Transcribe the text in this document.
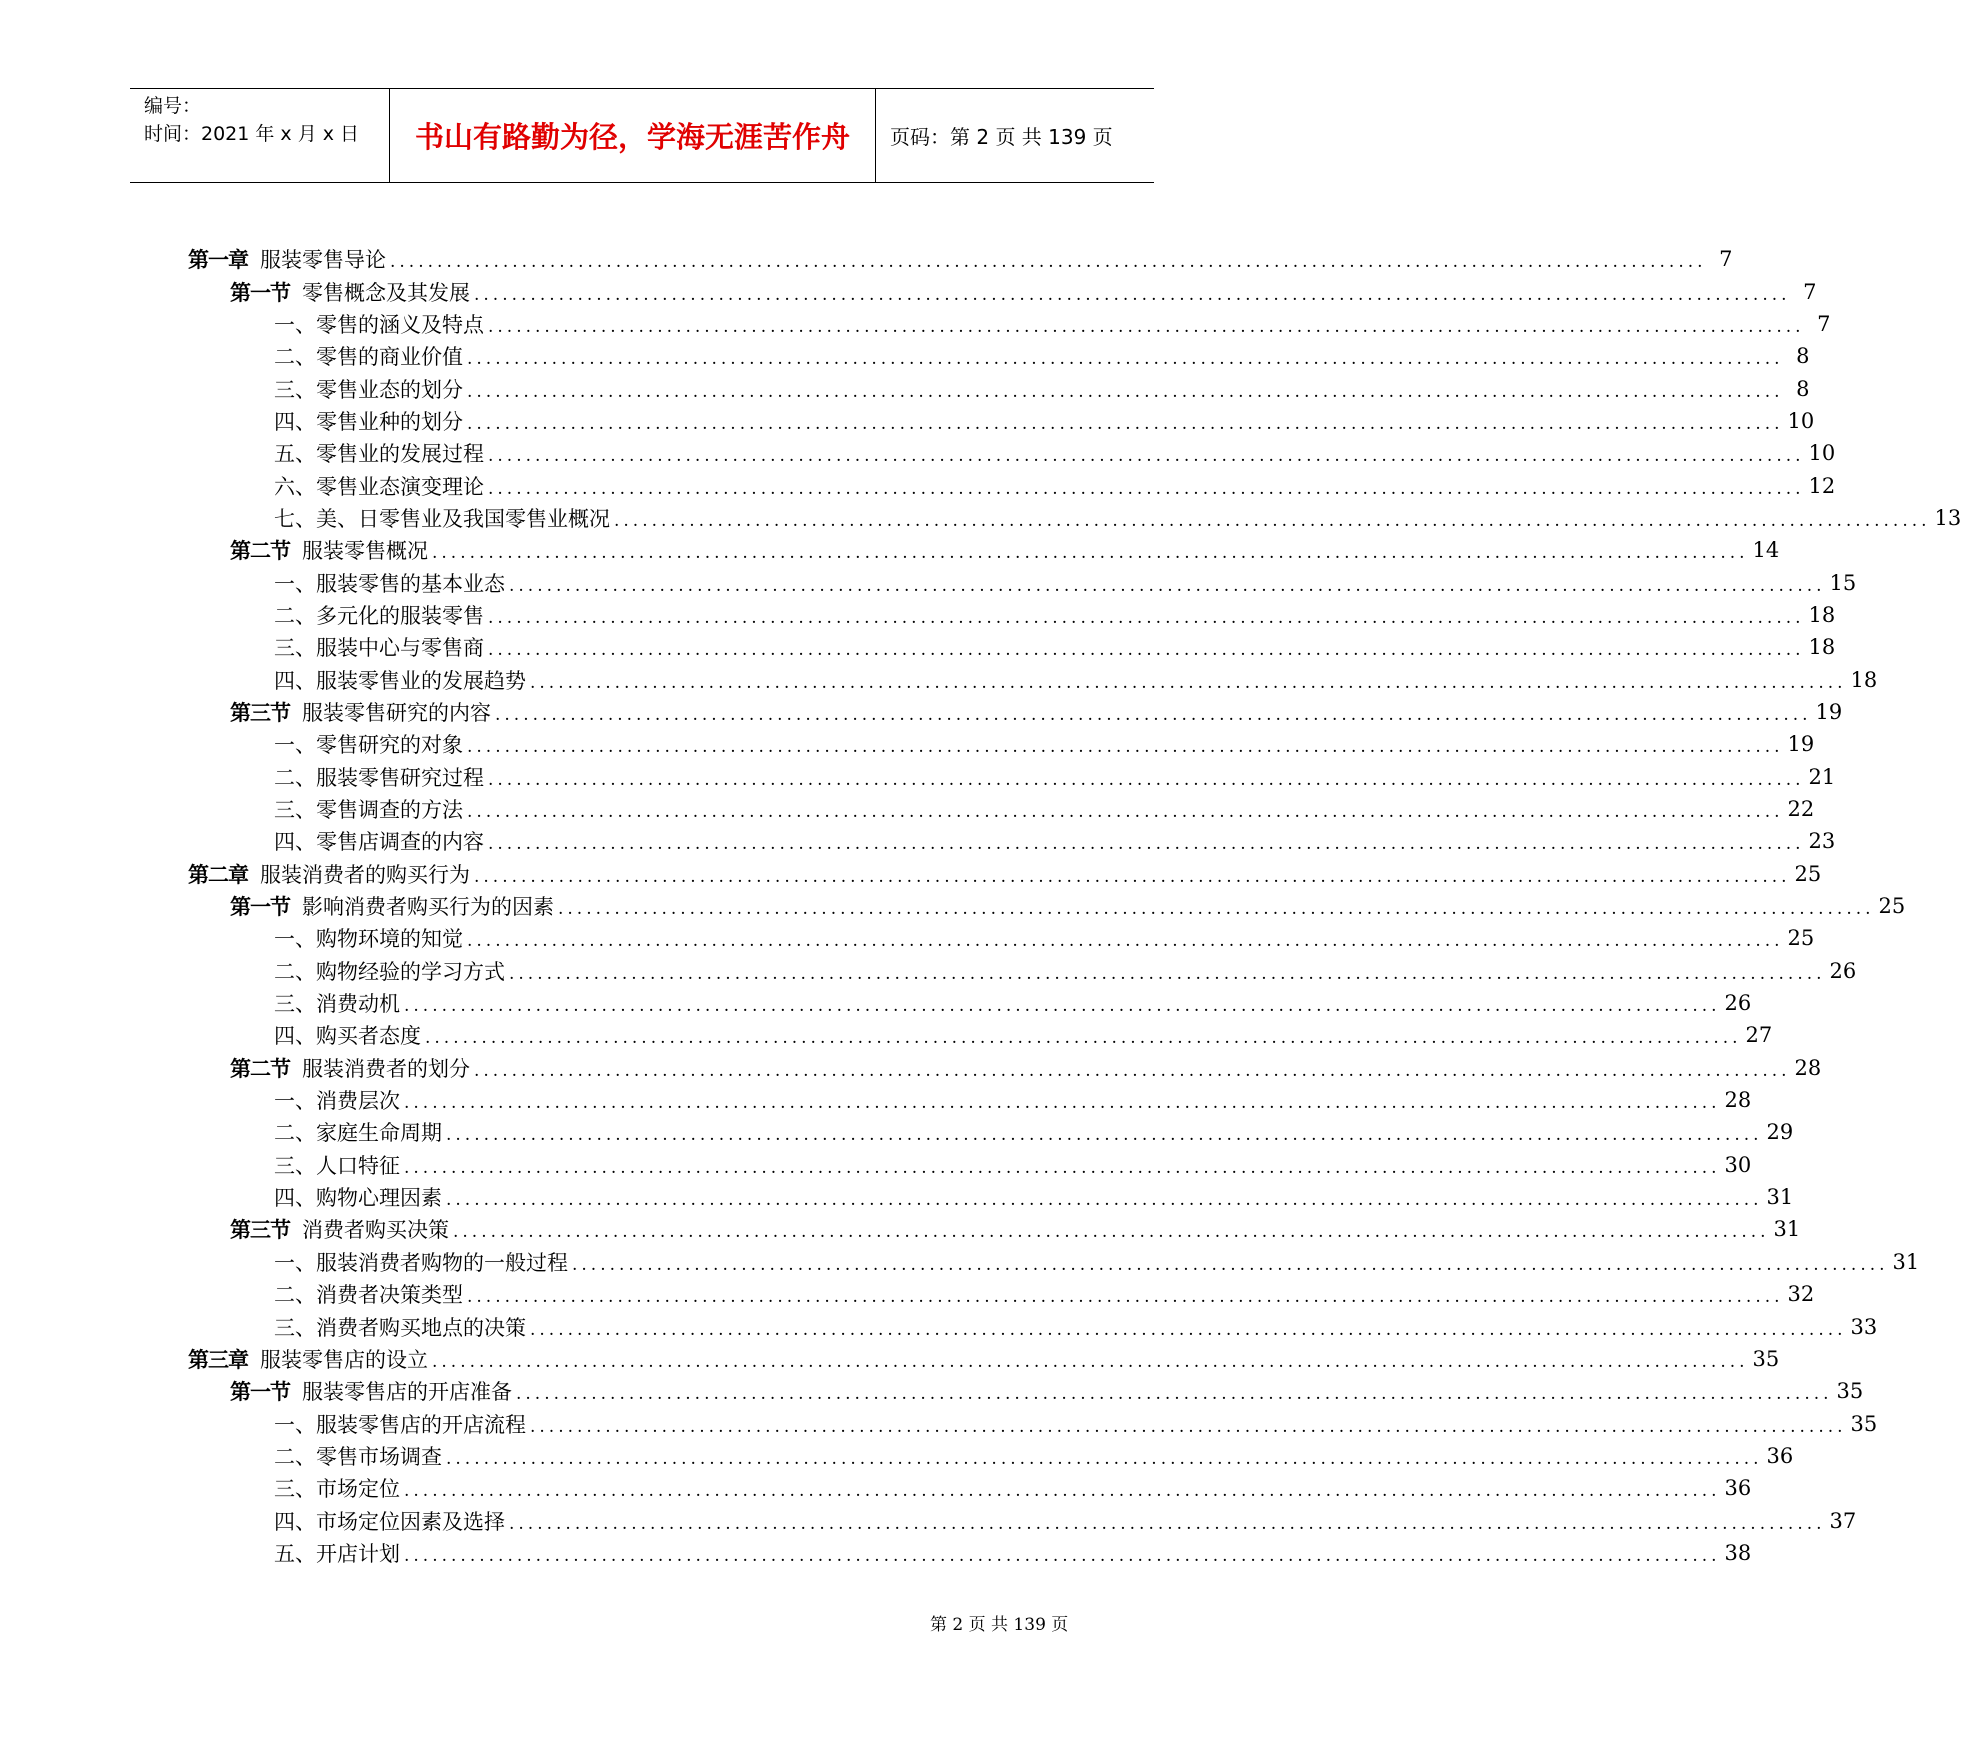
编号：
时间：2021 年 x 月 x 日	书山有路勤为径，学海无涯苦作舟	页码：第 2 页 共 139 页
第一章 服装零售导论 ............................................................................................................................................ 7
第一节 零售概念及其发展 ............................................................................................................................................ 7
一、 零售的涵义及特点 ............................................................................................................................................ 7
二、 零售的商业价值 ............................................................................................................................................ 8
三、 零售业态的划分 ............................................................................................................................................ 8
四、 零售业种的划分 ............................................................................................................................................ 10
五、 零售业的发展过程 ............................................................................................................................................ 10
六、 零售业态演变理论 ............................................................................................................................................ 12
七、 美、日零售业及我国零售业概况 ............................................................................................................................................ 13
第二节 服装零售概况 ............................................................................................................................................ 14
一、 服装零售的基本业态 ............................................................................................................................................ 15
二、 多元化的服装零售 ............................................................................................................................................ 18
三、 服装中心与零售商 ............................................................................................................................................ 18
四、 服装零售业的发展趋势 ............................................................................................................................................ 18
第三节 服装零售研究的内容 ............................................................................................................................................ 19
一、 零售研究的对象 ............................................................................................................................................ 19
二、 服装零售研究过程 ............................................................................................................................................ 21
三、 零售调查的方法 ............................................................................................................................................ 22
四、 零售店调查的内容 ............................................................................................................................................ 23
第二章 服装消费者的购买行为 ............................................................................................................................................ 25
第一节 影响消费者购买行为的因素 ............................................................................................................................................ 25
一、 购物环境的知觉 ............................................................................................................................................ 25
二、 购物经验的学习方式 ............................................................................................................................................ 26
三、 消费动机 ............................................................................................................................................ 26
四、 购买者态度 ............................................................................................................................................ 27
第二节 服装消费者的划分 ............................................................................................................................................ 28
一、 消费层次 ............................................................................................................................................ 28
二、 家庭生命周期 ............................................................................................................................................ 29
三、 人口特征 ............................................................................................................................................ 30
四、 购物心理因素 ............................................................................................................................................ 31
第三节 消费者购买决策 ............................................................................................................................................ 31
一、 服装消费者购物的一般过程 ............................................................................................................................................ 31
二、 消费者决策类型 ............................................................................................................................................ 32
三、 消费者购买地点的决策 ............................................................................................................................................ 33
第三章 服装零售店的设立 ............................................................................................................................................ 35
第一节 服装零售店的开店准备 ............................................................................................................................................ 35
一、 服装零售店的开店流程 ............................................................................................................................................ 35
二、 零售市场调查 ............................................................................................................................................ 36
三、 市场定位 ............................................................................................................................................ 36
四、 市场定位因素及选择 ............................................................................................................................................ 37
五、 开店计划 ............................................................................................................................................ 38
第 2 页 共 139 页
